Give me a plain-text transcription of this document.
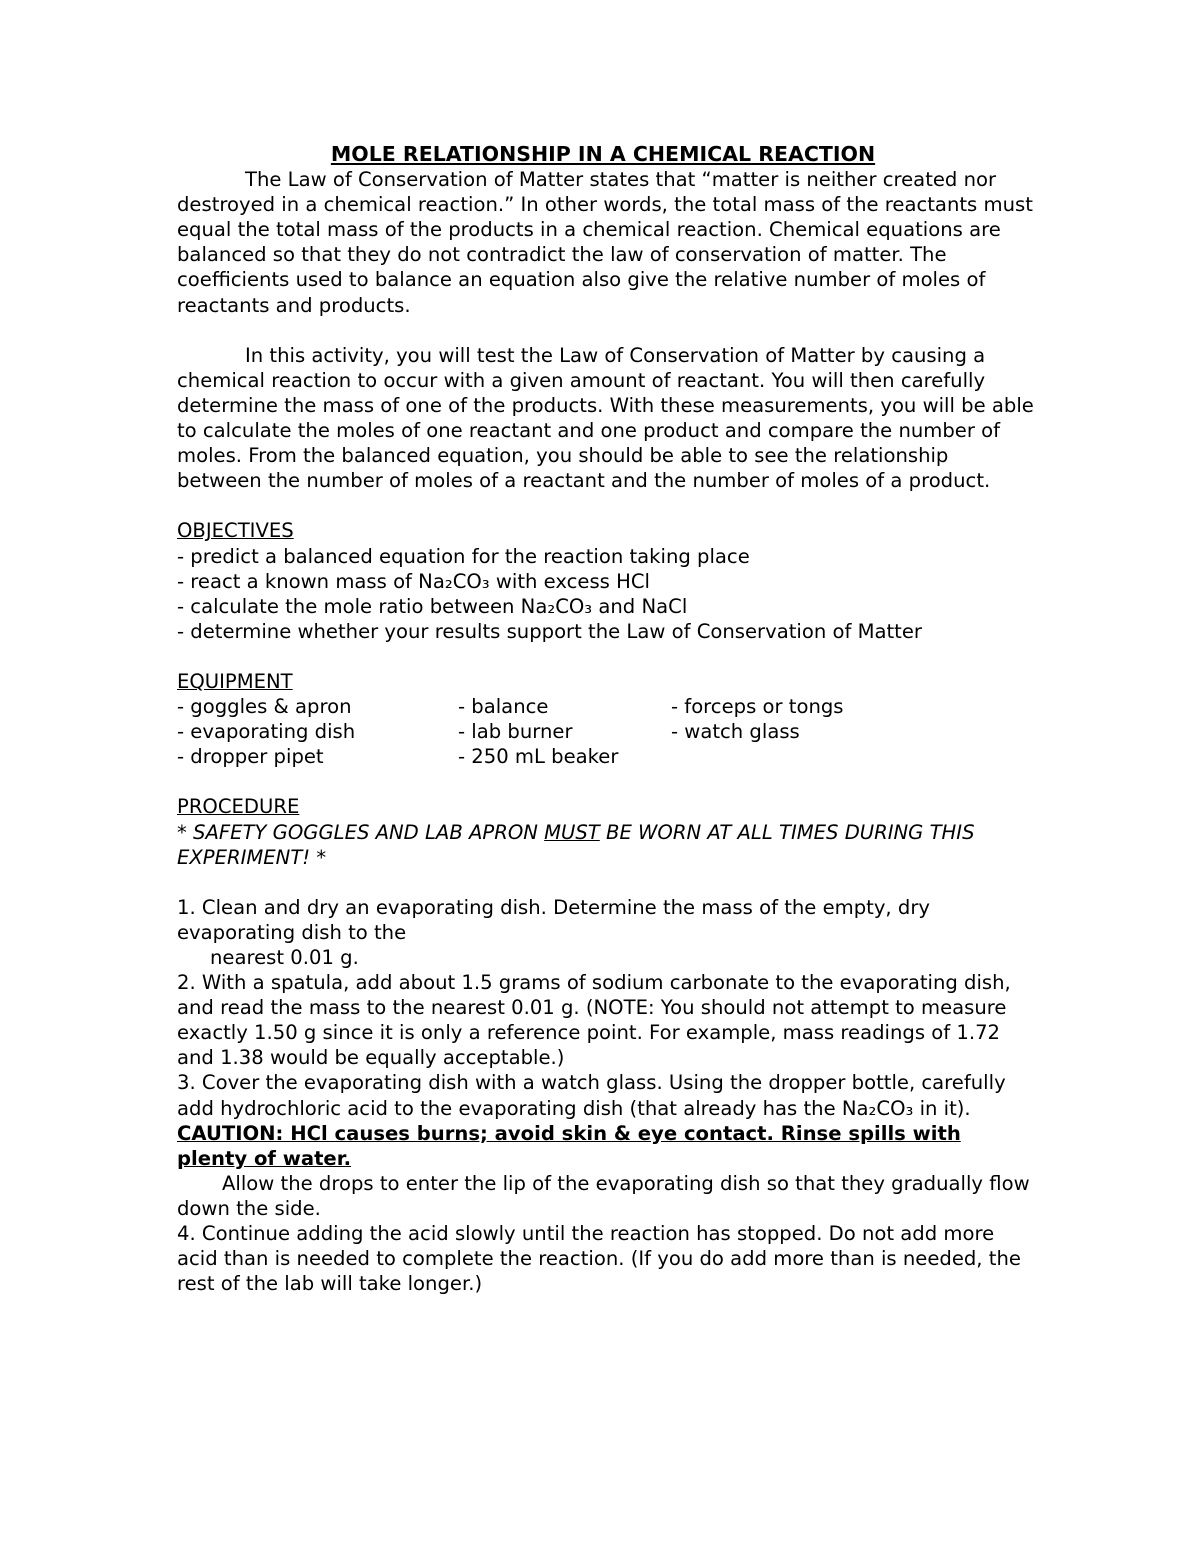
MOLE RELATIONSHIP IN A CHEMICAL REACTION

The Law of Conservation of Matter states that “matter is neither created nor destroyed in a chemical reaction.” In other words, the total mass of the reactants must equal the total mass of the products in a chemical reaction. Chemical equations are balanced so that they do not contradict the law of conservation of matter. The coefficients used to balance an equation also give the relative number of moles of reactants and products.

In this activity, you will test the Law of Conservation of Matter by causing a chemical reaction to occur with a given amount of reactant. You will then carefully determine the mass of one of the products. With these measurements, you will be able to calculate the moles of one reactant and one product and compare the number of moles. From the balanced equation, you should be able to see the relationship between the number of moles of a reactant and the number of moles of a product.

OBJECTIVES

- predict a balanced equation for the reaction taking place

- react a known mass of Na₂CO₃ with excess HCl

- calculate the mole ratio between Na₂CO₃ and NaCl

- determine whether your results support the Law of Conservation of Matter

EQUIPMENT

- goggles & apron	- balance	- forceps or tongs
- evaporating dish	- lab burner	- watch glass
- dropper pipet	- 250 mL beaker

PROCEDURE

* SAFETY GOGGLES AND LAB APRON MUST BE WORN AT ALL TIMES DURING THIS EXPERIMENT! *

1. Clean and dry an evaporating dish. Determine the mass of the empty, dry evaporating dish to the

nearest 0.01 g.

2. With a spatula, add about 1.5 grams of sodium carbonate to the evaporating dish, and read the mass to the nearest 0.01 g. (NOTE: You should not attempt to measure exactly 1.50 g since it is only a reference point. For example, mass readings of 1.72 and 1.38 would be equally acceptable.)

3. Cover the evaporating dish with a watch glass. Using the dropper bottle, carefully add hydrochloric acid to the evaporating dish (that already has the Na₂CO₃ in it).

CAUTION: HCl causes burns; avoid skin & eye contact. Rinse spills with plenty of water.

Allow the drops to enter the lip of the evaporating dish so that they gradually flow down the side.

4. Continue adding the acid slowly until the reaction has stopped. Do not add more acid than is needed to complete the reaction. (If you do add more than is needed, the rest of the lab will take longer.)
